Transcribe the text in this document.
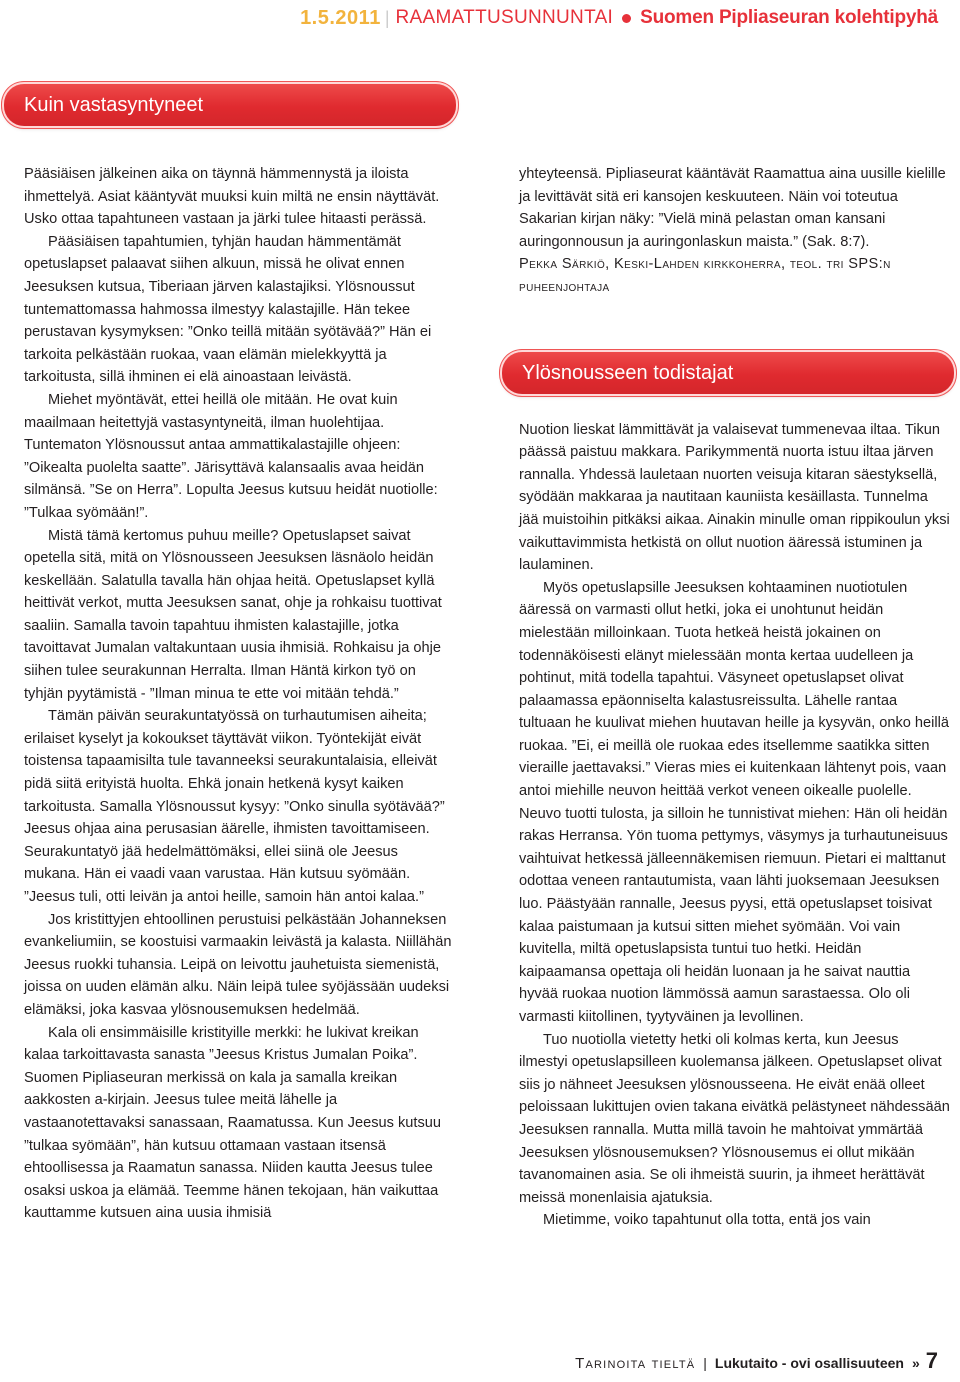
1.5.2011 | RAAMATTUSUNNUNTAI Suomen Pipliaseuran kolehtipyhä
Kuin vastasyntyneet

Pääsiäisen jälkeinen aika on täynnä hämmennystä ja iloista ihmettelyä. Asiat kääntyvät muuksi kuin miltä ne ensin näyttävät. Usko ottaa tapahtuneen vastaan ja järki tulee hitaasti perässä.

Pääsiäisen tapahtumien, tyhjän haudan hämmentämät opetuslapset palaavat siihen alkuun, missä he olivat ennen Jeesuksen kutsua, Tiberiaan järven kalastajiksi. Ylösnoussut tuntemattomassa hahmossa ilmestyy kalastajille. Hän tekee perustavan kysymyksen: ”Onko teillä mitään syötävää?” Hän ei tarkoita pelkästään ruokaa, vaan elämän mielekkyyttä ja tarkoitusta, sillä ihminen ei elä ainoastaan leivästä.

Miehet myöntävät, ettei heillä ole mitään. He ovat kuin maailmaan heitettyjä vastasyntyneitä, ilman huolehtijaa. Tuntematon Ylösnoussut antaa ammattikalastajille ohjeen: ”Oikealta puolelta saatte”. Järisyttävä kalansaalis avaa heidän silmänsä. ”Se on Herra”. Lopulta Jeesus kutsuu heidät nuotiolle: ”Tulkaa syömään!”.

Mistä tämä kertomus puhuu meille? Opetuslapset saivat opetella sitä, mitä on Ylösnousseen Jeesuksen läsnäolo heidän keskellään. Salatulla tavalla hän ohjaa heitä. Opetuslapset kyllä heittivät verkot, mutta Jeesuksen sanat, ohje ja rohkaisu tuottivat saaliin. Samalla tavoin tapahtuu ihmisten kalastajille, jotka tavoittavat Jumalan valtakuntaan uusia ihmisiä. Rohkaisu ja ohje siihen tulee seurakunnan Herralta. Ilman Häntä kirkon työ on tyhjän pyytämistä - ”Ilman minua te ette voi mitään tehdä.”

Tämän päivän seurakuntatyössä on turhautumisen aiheita; erilaiset kyselyt ja kokoukset täyttävät viikon. Työntekijät eivät toistensa tapaamisilta tule tavanneeksi seurakuntalaisia, elleivät pidä siitä erityistä huolta. Ehkä jonain hetkenä kysyt kaiken tarkoitusta. Samalla Ylösnoussut kysyy: ”Onko sinulla syötävää?” Jeesus ohjaa aina perusasian äärelle, ihmisten tavoittamiseen. Seurakuntatyö jää hedelmättömäksi, ellei siinä ole Jeesus mukana. Hän ei vaadi vaan varustaa. Hän kutsuu syömään. ”Jeesus tuli, otti leivän ja antoi heille, samoin hän antoi kalaa.”

Jos kristittyjen ehtoollinen perustuisi pelkästään Johanneksen evankeliumiin, se koostuisi varmaakin leivästä ja kalasta. Niillähän Jeesus ruokki tuhansia. Leipä on leivottu jauhetuista siemenistä, joissa on uuden elämän alku. Näin leipä tulee syöjässään uudeksi elämäksi, joka kasvaa ylösnousemuksen hedelmää.

Kala oli ensimmäisille kristityille merkki: he lukivat kreikan kalaa tarkoittavasta sanasta ”Jeesus Kristus Jumalan Poika”. Suomen Pipliaseuran merkissä on kala ja samalla kreikan aakkosten a-kirjain. Jeesus tulee meitä lähelle ja vastaanotettavaksi sanassaan, Raamatussa. Kun Jeesus kutsuu ”tulkaa syömään”, hän kutsuu ottamaan vastaan itsensä ehtoollisessa ja Raamatun sanassa. Niiden kautta Jeesus tulee osaksi uskoa ja elämää. Teemme hänen tekojaan, hän vaikuttaa kauttamme kutsuen aina uusia ihmisiä

yhteyteensä. Pipliaseurat kääntävät Raamattua aina uusille kielille ja levittävät sitä eri kansojen keskuuteen. Näin voi toteutua Sakarian kirjan näky: ”Vielä minä pelastan oman kansani auringonnousun ja auringonlaskun maista.” (Sak. 8:7).

Pekka Särkiö, Keski-Lahden kirkkoherra, teol. tri SPS:n puheenjohtaja

Nuotion lieskat lämmittävät ja valaisevat tummenevaa iltaa. Tikun päässä paistuu makkara. Parikymmentä nuorta istuu iltaa järven rannalla. Yhdessä lauletaan nuorten veisuja kitaran säestyksellä, syödään makkaraa ja nautitaan kauniista kesäillasta. Tunnelma jää muistoihin pitkäksi aikaa. Ainakin minulle oman rippikoulun yksi vaikuttavimmista hetkistä on ollut nuotion ääressä istuminen ja laulaminen.

Myös opetuslapsille Jeesuksen kohtaaminen nuotiotulen ääressä on varmasti ollut hetki, joka ei unohtunut heidän mielestään milloinkaan. Tuota hetkeä heistä jokainen on todennäköisesti elänyt mielessään monta kertaa uudelleen ja pohtinut, mitä todella tapahtui. Väsyneet opetuslapset olivat palaamassa epäonniselta kalastusreissulta. Lähelle rantaa tultuaan he kuulivat miehen huutavan heille ja kysyvän, onko heillä ruokaa. ”Ei, ei meillä ole ruokaa edes itsellemme saatikka sitten vieraille jaettavaksi.” Vieras mies ei kuitenkaan lähtenyt pois, vaan antoi miehille neuvon heittää verkot veneen oikealle puolelle. Neuvo tuotti tulosta, ja silloin he tunnistivat miehen: Hän oli heidän rakas Herransa. Yön tuoma pettymys, väsymys ja turhautuneisuus vaihtuivat hetkessä jälleennäkemisen riemuun. Pietari ei malttanut odottaa veneen rantautumista, vaan lähti juoksemaan Jeesuksen luo. Päästyään rannalle, Jeesus pyysi, että opetuslapset toisivat kalaa paistumaan ja kutsui sitten miehet syömään. Voi vain kuvitella, miltä opetuslapsista tuntui tuo hetki. Heidän kaipaamansa opettaja oli heidän luonaan ja he saivat nauttia hyvää ruokaa nuotion lämmössä aamun sarastaessa. Olo oli varmasti kiitollinen, tyytyväinen ja levollinen.

Tuo nuotiolla vietetty hetki oli kolmas kerta, kun Jeesus ilmestyi opetuslapsilleen kuolemansa jälkeen. Opetuslapset olivat siis jo nähneet Jeesuksen ylösnousseena. He eivät enää olleet peloissaan lukittujen ovien takana eivätkä pelästyneet nähdessään Jeesuksen rannalla. Mutta millä tavoin he mahtoivat ymmärtää Jeesuksen ylösnousemuksen? Ylösnousemus ei ollut mikään tavanomainen asia. Se oli ihmeistä suurin, ja ihmeet herättävät meissä monenlaisia ajatuksia.

Mietimme, voiko tapahtunut olla totta, entä jos vain

Ylösnousseen todistajat
Tarinoita tieltä | Lukutaito - ovi osallisuuteen » 7
